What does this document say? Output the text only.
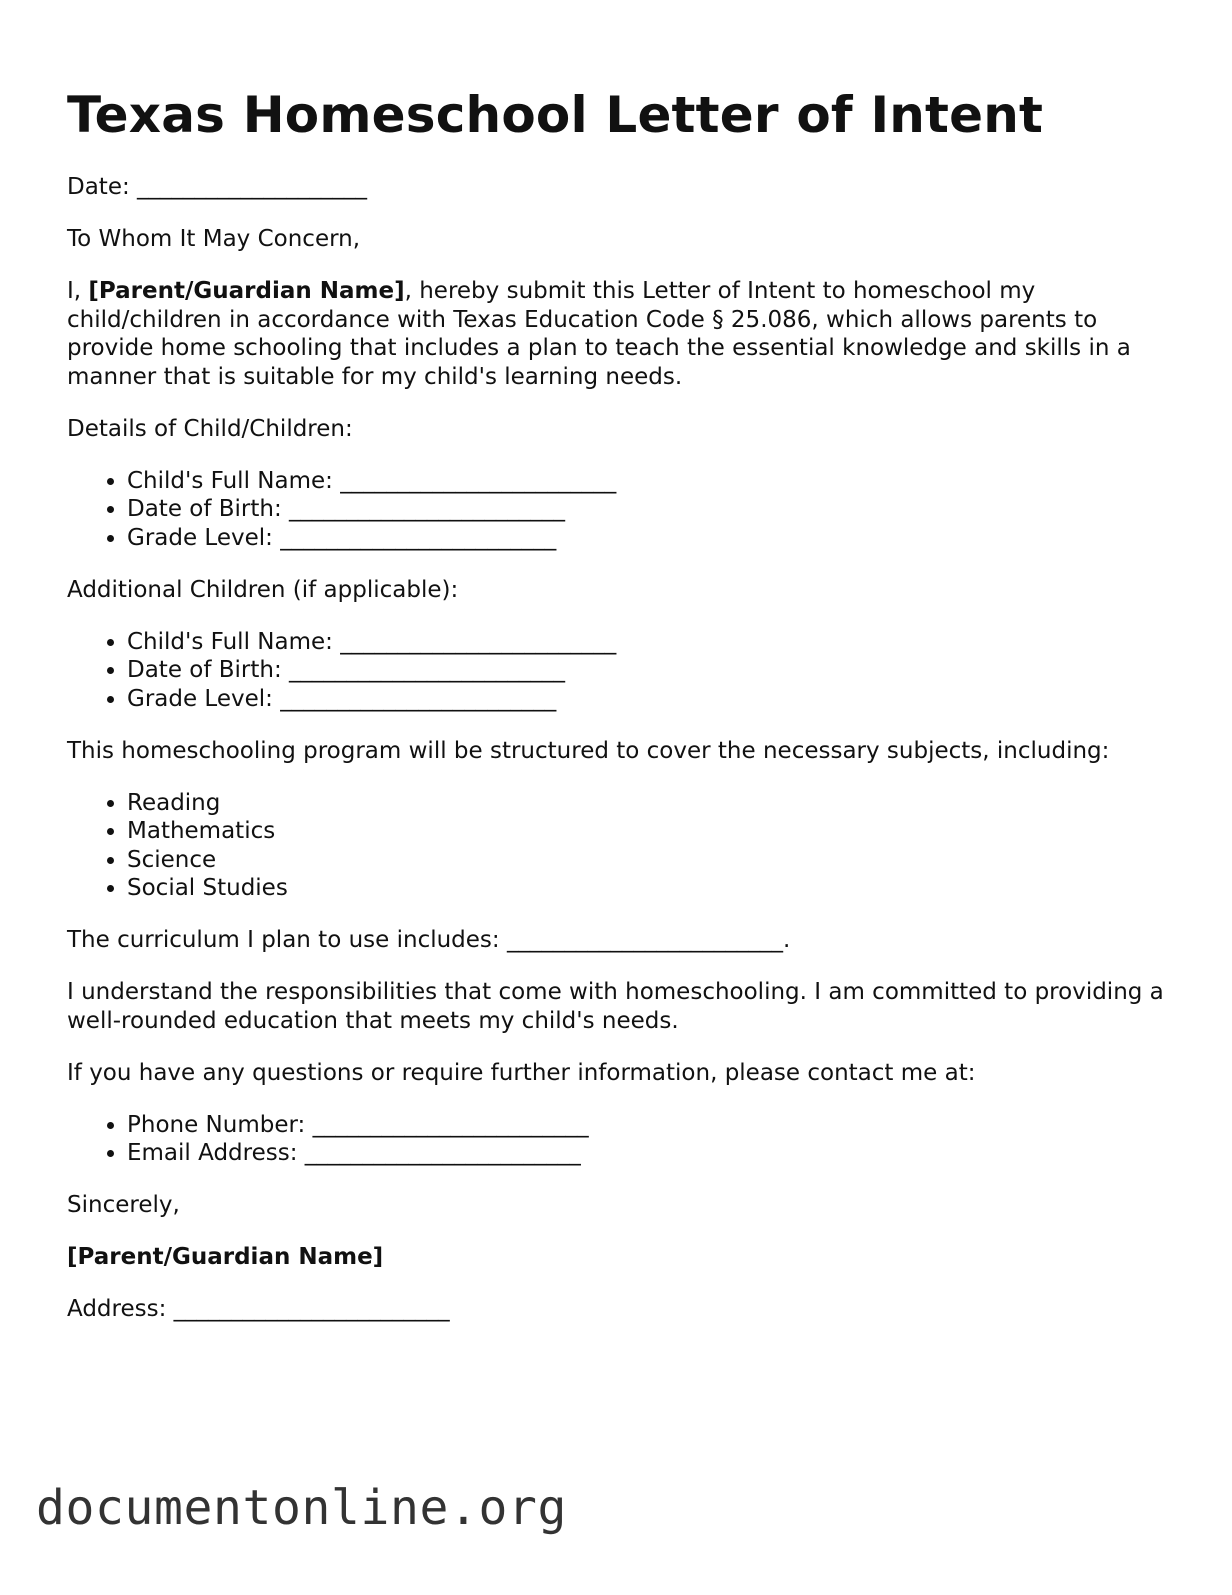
Texas Homeschool Letter of Intent

Date: ____________________

To Whom It May Concern,

I, [Parent/Guardian Name], hereby submit this Letter of Intent to homeschool my child/children in accordance with Texas Education Code § 25.086, which allows parents to provide home schooling that includes a plan to teach the essential knowledge and skills in a manner that is suitable for my child's learning needs.

Details of Child/Children:

• Child's Full Name: ________________________
• Date of Birth: ________________________
• Grade Level: ________________________

Additional Children (if applicable):

• Child's Full Name: ________________________
• Date of Birth: ________________________
• Grade Level: ________________________

This homeschooling program will be structured to cover the necessary subjects, including:

• Reading
• Mathematics
• Science
• Social Studies

The curriculum I plan to use includes: ________________________.

I understand the responsibilities that come with homeschooling. I am committed to providing a well-rounded education that meets my child's needs.

If you have any questions or require further information, please contact me at:

• Phone Number: ________________________
• Email Address: ________________________

Sincerely,

[Parent/Guardian Name]

Address: ________________________

documentonline.org
